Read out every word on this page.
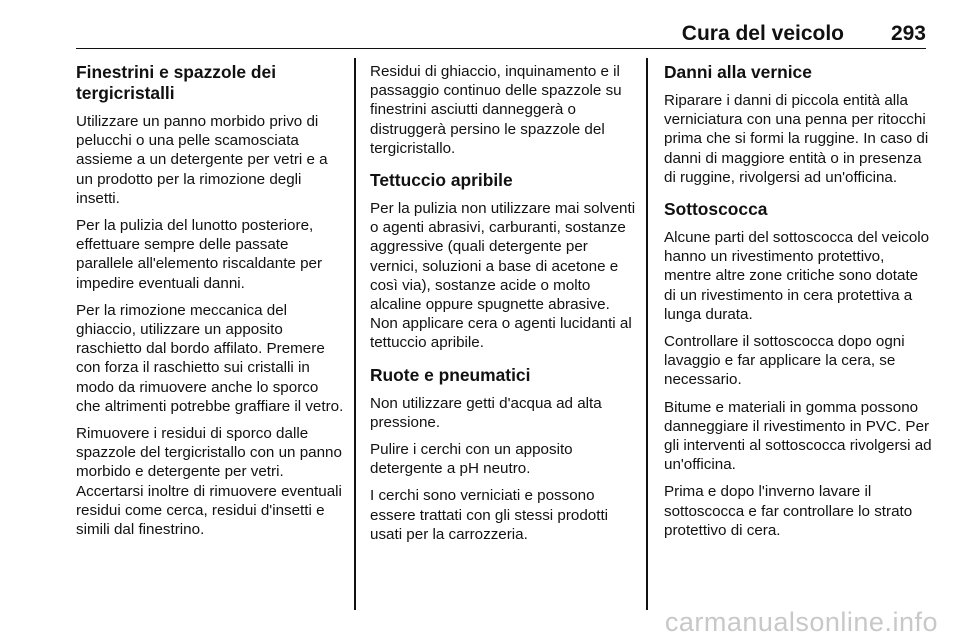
Cura del veicolo 293
Finestrini e spazzole dei tergicristalli

Utilizzare un panno morbido privo di pelucchi o una pelle scamosciata assieme a un detergente per vetri e a un prodotto per la rimozione degli insetti.

Per la pulizia del lunotto posteriore, effettuare sempre delle passate parallele all'elemento riscaldante per impedire eventuali danni.

Per la rimozione meccanica del ghiaccio, utilizzare un apposito raschietto dal bordo affilato. Premere con forza il raschietto sui cristalli in modo da rimuovere anche lo sporco che altrimenti potrebbe graffiare il vetro.

Rimuovere i residui di sporco dalle spazzole del tergicristallo con un panno morbido e detergente per vetri. Accertarsi inoltre di rimuovere eventuali residui come cerca, residui d'insetti e simili dal finestrino.

Residui di ghiaccio, inquinamento e il passaggio continuo delle spazzole su finestrini asciutti danneggerà o distruggerà persino le spazzole del tergicristallo.

Tettuccio apribile

Per la pulizia non utilizzare mai solventi o agenti abrasivi, carburanti, sostanze aggressive (quali detergente per vernici, soluzioni a base di acetone e così via), sostanze acide o molto alcaline oppure spugnette abrasive. Non applicare cera o agenti lucidanti al tettuccio apribile.

Ruote e pneumatici

Non utilizzare getti d'acqua ad alta pressione.

Pulire i cerchi con un apposito detergente a pH neutro.

I cerchi sono verniciati e possono essere trattati con gli stessi prodotti usati per la carrozzeria.

Danni alla vernice

Riparare i danni di piccola entità alla verniciatura con una penna per ritocchi prima che si formi la ruggine. In caso di danni di maggiore entità o in presenza di ruggine, rivolgersi ad un'officina.

Sottoscocca

Alcune parti del sottoscocca del veicolo hanno un rivestimento protettivo, mentre altre zone critiche sono dotate di un rivestimento in cera protettiva a lunga durata.

Controllare il sottoscocca dopo ogni lavaggio e far applicare la cera, se necessario.

Bitume e materiali in gomma possono danneggiare il rivestimento in PVC. Per gli interventi al sottoscocca rivolgersi ad un'officina.

Prima e dopo l'inverno lavare il sottoscocca e far controllare lo strato protettivo di cera.

carmanualsonline.info
